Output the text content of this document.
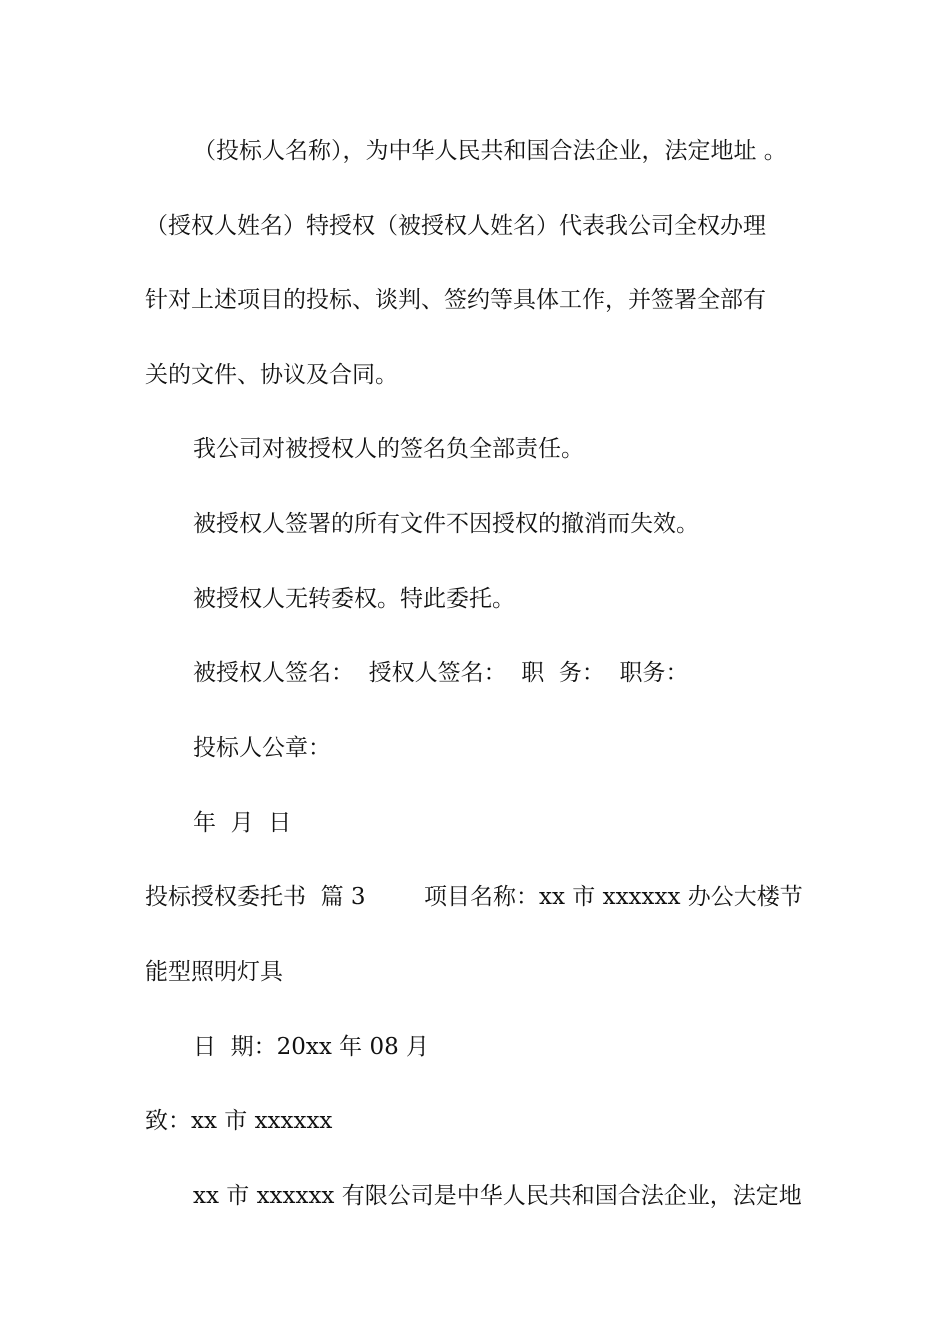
（投标人名称），为中华人民共和国合法企业，法定地址 。
（授权人姓名）特授权（被授权人姓名）代表我公司全权办理
针对上述项目的投标、谈判、签约等具体工作，并签署全部有
关的文件、协议及合同。
我公司对被授权人的签名负全部责任。
被授权人签署的所有文件不因授权的撤消而失效。
被授权人无转委权。特此委托。
被授权人签名：  授权人签名：  职  务：  职务：
投标人公章：
年  月  日
投标授权委托书  篇 3        项目名称：xx 市 xxxxxx 办公大楼节
能型照明灯具
日  期：20xx 年 08 月
致：xx 市 xxxxxx
xx 市 xxxxxx 有限公司是中华人民共和国合法企业，法定地
